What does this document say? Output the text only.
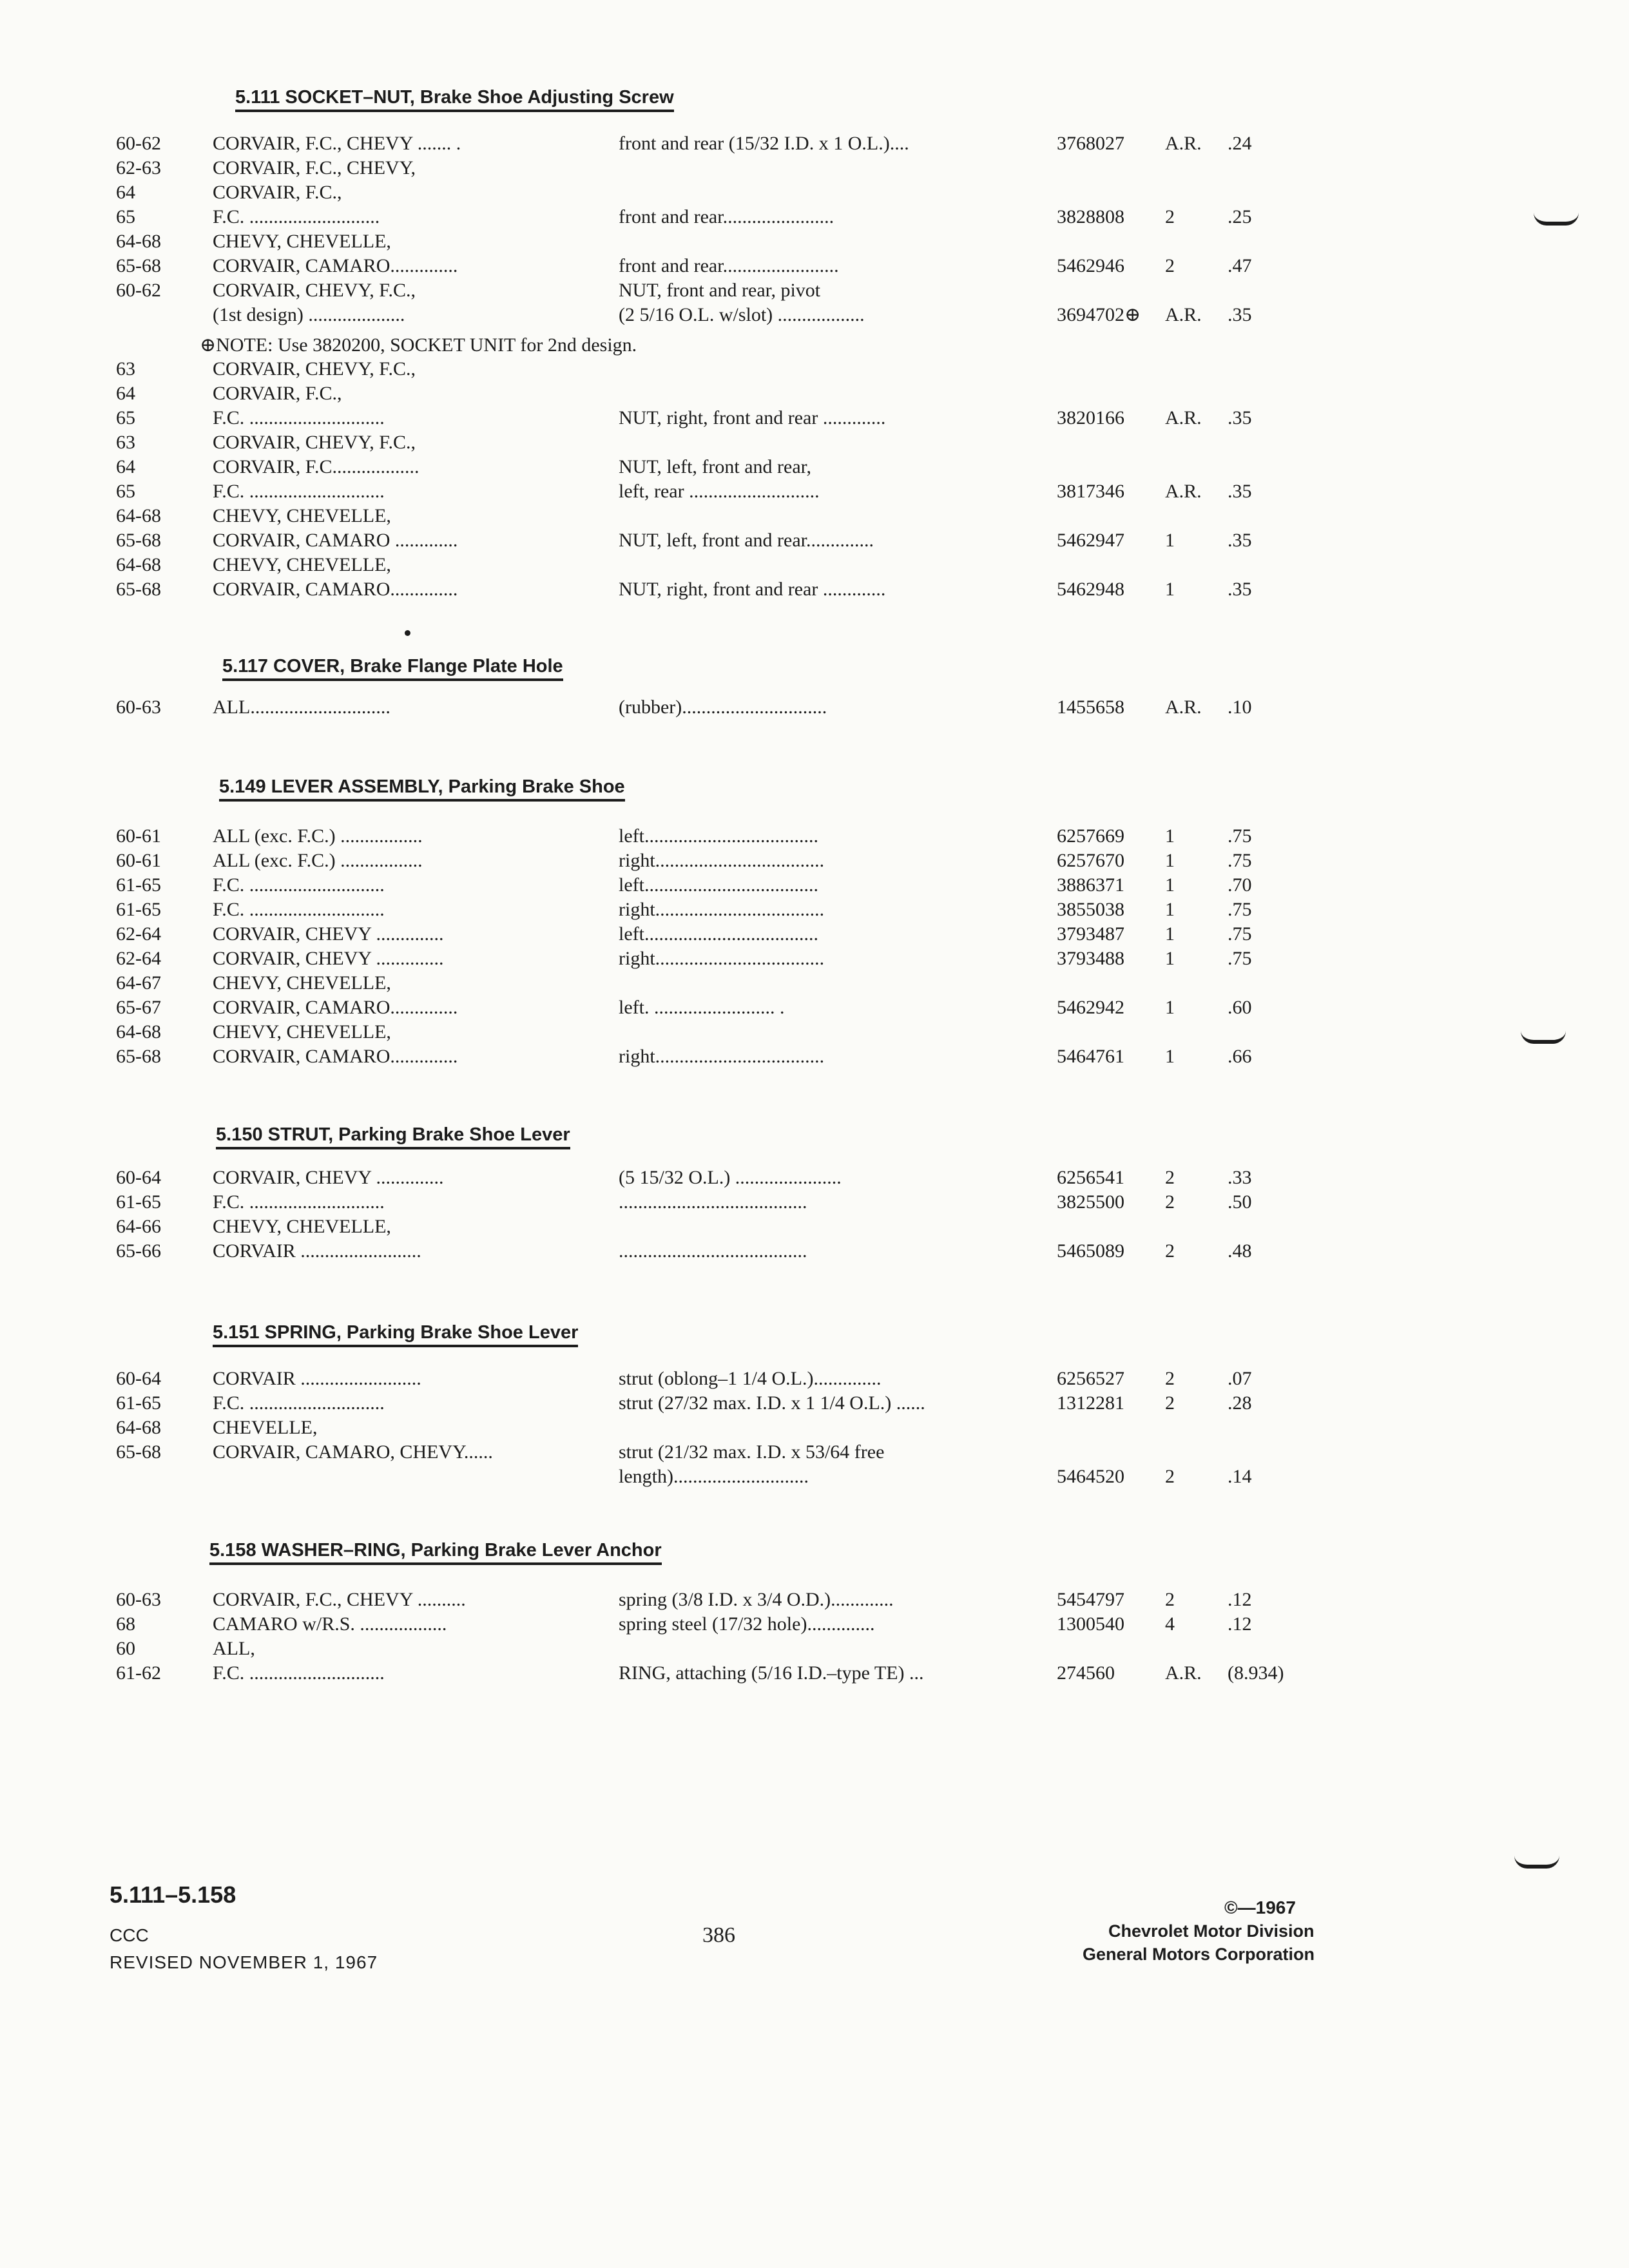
5.111 SOCKET–NUT, Brake Shoe Adjusting Screw
60-62	CORVAIR, F.C., CHEVY ....... .	front and rear (15/32 I.D. x 1 O.L.)....	3768027 A.R. .24
62-63	CORVAIR, F.C., CHEVY,
64	CORVAIR, F.C.,
65	F.C. ...........................	front and rear.......................	3828808 2	.25
64-68	CHEVY, CHEVELLE,
65-68	CORVAIR, CAMARO..............	front and rear........................	5462946 2	.47
60-62	CORVAIR, CHEVY, F.C.,	NUT, front and rear, pivot
(1st design) ....................	(2 5/16 O.L. w/slot) ..................	3694702⊕ A.R. .35
⊕NOTE: Use 3820200, SOCKET UNIT for 2nd design.
63	CORVAIR, CHEVY, F.C.,
64	CORVAIR, F.C.,
65	F.C. ............................	NUT, right, front and rear .............	3820166 A.R. .35
63	CORVAIR, CHEVY, F.C.,
64	CORVAIR, F.C..................	NUT, left, front and rear,
65	F.C. ............................	left, rear ...........................	3817346 A.R. .35
64-68	CHEVY, CHEVELLE,
65-68	CORVAIR, CAMARO .............	NUT, left, front and rear..............	5462947 1	.35
64-68	CHEVY, CHEVELLE,
65-68	CORVAIR, CAMARO..............	NUT, right, front and rear .............	5462948 1	.35
5.117 COVER, Brake Flange Plate Hole
60-63	ALL.............................	(rubber)..............................	1455658 A.R. .10
5.149 LEVER ASSEMBLY, Parking Brake Shoe
60-61	ALL (exc. F.C.) .................	left....................................	6257669 1	.75
60-61	ALL (exc. F.C.) .................	right...................................	6257670 1	.75
61-65	F.C. ............................	left....................................	3886371 1	.70
61-65	F.C. ............................	right...................................	3855038 1	.75
62-64	CORVAIR, CHEVY ..............	left....................................	3793487 1	.75
62-64	CORVAIR, CHEVY ..............	right...................................	3793488 1	.75
64-67	CHEVY, CHEVELLE,
65-67	CORVAIR, CAMARO..............	left. ......................... .	5462942 1	.60
64-68	CHEVY, CHEVELLE,
65-68	CORVAIR, CAMARO..............	right...................................	5464761 1	.66
5.150 STRUT, Parking Brake Shoe Lever
60-64	CORVAIR, CHEVY ..............	(5 15/32 O.L.) ......................	6256541 2	.33
61-65	F.C. ............................	.......................................	3825500 2	.50
64-66	CHEVY, CHEVELLE,
65-66	CORVAIR .........................	.......................................	5465089 2	.48
5.151 SPRING, Parking Brake Shoe Lever
60-64	CORVAIR .........................	strut (oblong–1 1/4 O.L.)..............	6256527 2	.07
61-65	F.C. ............................	strut (27/32 max. I.D. x 1 1/4 O.L.) ......	1312281 2	.28
64-68	CHEVELLE,
65-68	CORVAIR, CAMARO, CHEVY......	strut (21/32 max. I.D. x 53/64 free
length)............................	5464520 2	.14
5.158 WASHER–RING, Parking Brake Lever Anchor
60-63	CORVAIR, F.C., CHEVY ..........	spring (3/8 I.D. x 3/4 O.D.).............	5454797 2	.12
68	CAMARO w/R.S. ..................	spring steel (17/32 hole)..............	1300540 4	.12
60	ALL,
61-62	F.C. ............................	RING, attaching (5/16 I.D.–type TE) ...	274560	A.R. (8.934)
5.111–5.158
CCC
REVISED NOVEMBER 1, 1967
386
©—1967
Chevrolet Motor Division
General Motors Corporation
